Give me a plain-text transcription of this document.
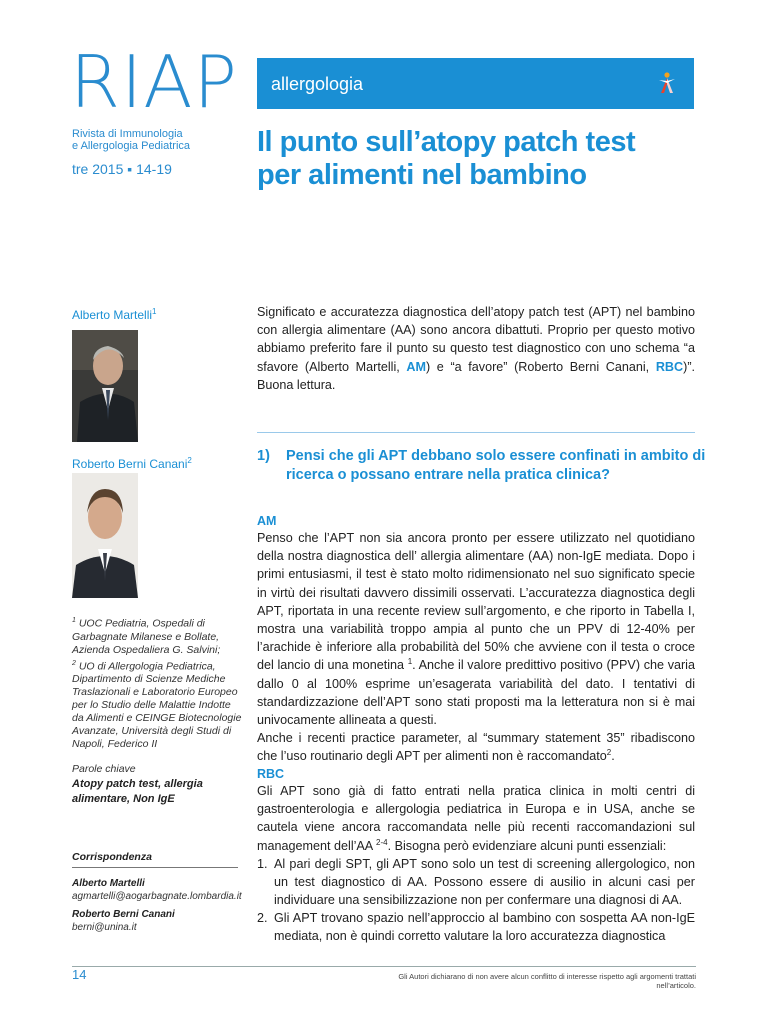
RIAP
Rivista di Immunologia
e Allergologia Pediatrica
tre 2015 ▪ 14-19
allergologia
Il punto sull’atopy patch test
per alimenti nel bambino
Alberto Martelli$^1$
Roberto Berni Canani$^2$
$^1$ UOC Pediatria, Ospedali di Garbagnate Milanese e Bollate, Azienda Ospedaliera G. Salvini;
$^2$ UO di Allergologia Pediatrica, Dipartimento di Scienze Mediche Traslazionali e Laboratorio Europeo per lo Studio delle Malattie Indotte da Alimenti e CEINGE Biotecnologie Avanzate, Università degli Studi di Napoli, Federico II
Parole chiave
Atopy patch test, allergia alimentare, Non IgE
Corrispondenza
Alberto Martelli
agmartelli@aogarbagnate.lombardia.it
Roberto Berni Canani
berni@unina.it
Significato e accuratezza diagnostica dell’atopy patch test (APT) nel bambino con allergia alimentare (AA) sono ancora dibattuti. Proprio per questo motivo abbiamo preferito fare il punto su questo test diagnostico con uno schema “a sfavore (Alberto Martelli, AM) e “a favore” (Roberto Berni Canani, RBC)”. Buona lettura.
1) Pensi che gli APT debbano solo essere confinati in ambito di ricerca o possano entrare nella pratica clinica?
AM
Penso che l’APT non sia ancora pronto per essere utilizzato nel quotidiano della nostra diagnostica dell’ allergia alimentare (AA) non-IgE mediata. Dopo i primi entusiasmi, il test è stato molto ridimensionato nel suo significato specie in virtù dei risultati davvero dissimili osservati. L’accuratezza diagnostica degli APT, riportata in una recente review sull’argomento, e che riporto in Tabella I, mostra una variabilità troppo ampia al punto che un PPV di 12-40% per l’arachide è inferiore alla probabilità del 50% che avviene con il testa o croce del lancio di una monetina $^1$. Anche il valore predittivo positivo (PPV) che varia dallo 0 al 100% esprime un’esagerata variabilità del dato. I tentativi di standardizzazione dell’APT sono stati proposti ma la letteratura non si è mai univocamente allineata a questi.
Anche i recenti practice parameter, al “summary statement 35” ribadiscono che l’uso routinario degli APT per alimenti non è raccomandato$^2$.
RBC
Gli APT sono già di fatto entrati nella pratica clinica in molti centri di gastroenterologia e allergologia pediatrica in Europa e in USA, anche se cautela viene ancora raccomandata nelle più recenti raccomandazioni sul management dell’AA $^{2-4}$. Bisogna però evidenziare alcuni punti essenziali:
1. Al pari degli SPT, gli APT sono solo un test di screening allergologico, non un test diagnostico di AA. Possono essere di ausilio in alcuni casi per individuare una sensibilizzazione non per confermare una diagnosi di AA.
2. Gli APT trovano spazio nell’approccio al bambino con sospetta AA non-IgE mediata, non è quindi corretto valutare la loro accuratezza diagnostica
14	Gli Autori dichiarano di non avere alcun conflitto di interesse rispetto agli argomenti trattati nell’articolo.
